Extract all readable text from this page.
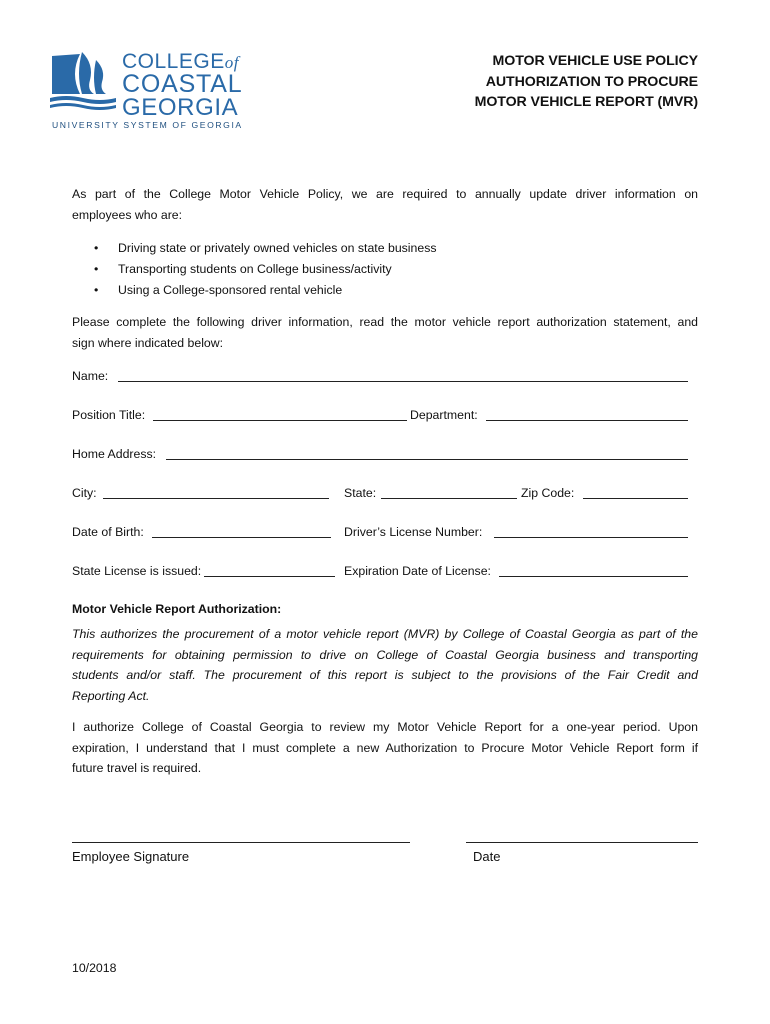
COLLEGEof
COASTAL
GEORGIA
UNIVERSITY SYSTEM OF GEORGIA
MOTOR VEHICLE USE POLICY
AUTHORIZATION TO PROCURE
MOTOR VEHICLE REPORT (MVR)
As part of the College Motor Vehicle Policy, we are required to annually update driver information on
employees who are:
• Driving state or privately owned vehicles on state business
• Transporting students on College business/activity
• Using a College-sponsored rental vehicle
Please complete the following driver information, read the motor vehicle report authorization statement, and
sign where indicated below:
Name:
Position Title:	Department:
Home Address:
City:	State:	Zip Code:
Date of Birth:	Driver’s License Number:
State License is issued:	Expiration Date of License:
Motor Vehicle Report Authorization:
This authorizes the procurement of a motor vehicle report (MVR) by College of Coastal Georgia as part of the
requirements for obtaining permission to drive on College of Coastal Georgia business and transporting
students and/or staff. The procurement of this report is subject to the provisions of the Fair Credit and
Reporting Act.
I authorize College of Coastal Georgia to review my Motor Vehicle Report for a one-year period. Upon
expiration, I understand that I must complete a new Authorization to Procure Motor Vehicle Report form if
future travel is required.
Employee Signature	Date
10/2018
